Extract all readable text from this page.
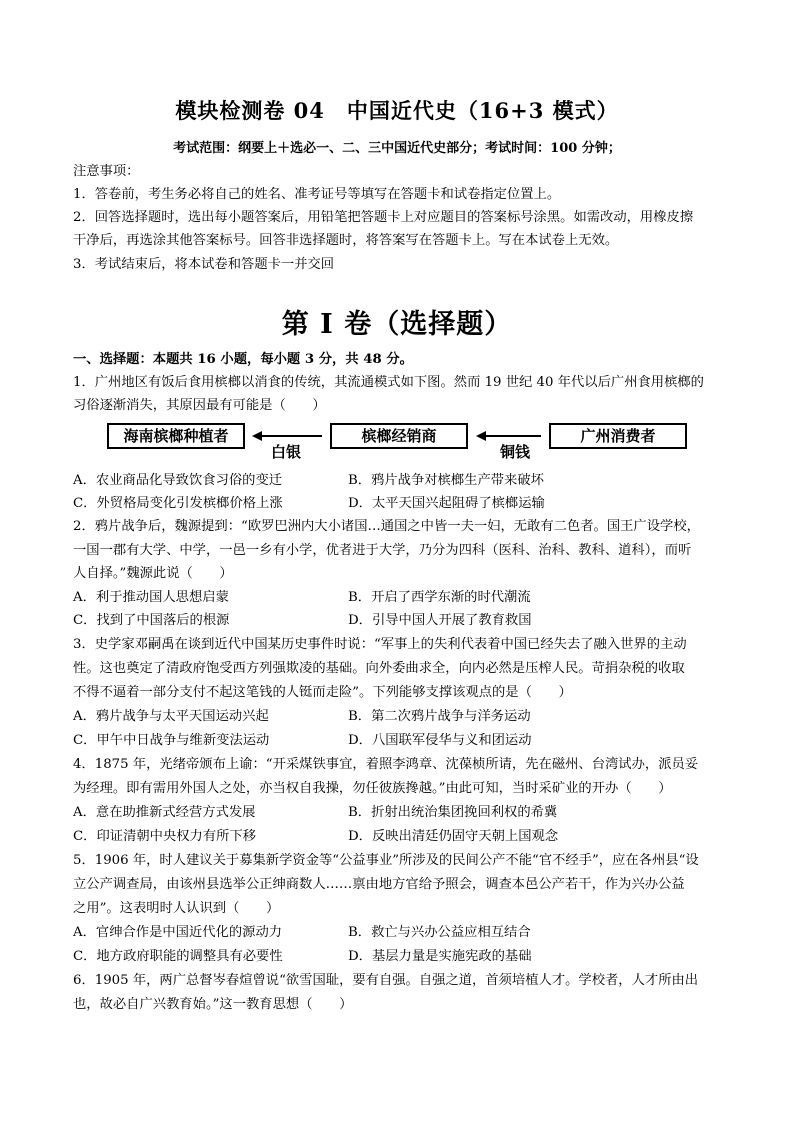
模块检测卷 04　中国近代史（16+3 模式）
考试范围：纲要上＋选必一、二、三中国近代史部分；考试时间：100 分钟；
注意事项：
1．答卷前，考生务必将自己的姓名、准考证号等填写在答题卡和试卷指定位置上。
2．回答选择题时，选出每小题答案后，用铅笔把答题卡上对应题目的答案标号涂黑。如需改动，用橡皮擦
干净后，再选涂其他答案标号。回答非选择题时，将答案写在答题卡上。写在本试卷上无效。
3．考试结束后，将本试卷和答题卡一并交回
第 I 卷（选择题）
一、选择题：本题共 16 小题，每小题 3 分，共 48 分。
1．广州地区有饭后食用槟榔以消食的传统，其流通模式如下图。然而 19 世纪 40 年代以后广州食用槟榔的
习俗逐渐消失，其原因最有可能是（　　）
海南槟榔种植者	槟榔经销商	广州消费者
白银	铜钱
A．农业商品化导致饮食习俗的变迁	B．鸦片战争对槟榔生产带来破坏
C．外贸格局变化引发槟榔价格上涨	D．太平天国兴起阻碍了槟榔运输
2．鸦片战争后，魏源提到：“欧罗巴洲内大小诸国…通国之中皆一夫一妇，无敢有二色者。国王广设学校，
一国一郡有大学、中学，一邑一乡有小学，优者进于大学，乃分为四科（医科、治科、教科、道科），而听
人自择。”魏源此说（　　）
A．利于推动国人思想启蒙	B．开启了西学东渐的时代潮流
C．找到了中国落后的根源	D．引导中国人开展了教育救国
3．史学家邓嗣禹在谈到近代中国某历史事件时说：“军事上的失利代表着中国已经失去了融入世界的主动
性。这也奠定了清政府饱受西方列强欺凌的基础。向外委曲求全，向内必然是压榨人民。苛捐杂税的收取
不得不逼着一部分支付不起这笔钱的人铤而走险”。下列能够支撑该观点的是（　　）
A．鸦片战争与太平天国运动兴起	B．第二次鸦片战争与洋务运动
C．甲午中日战争与维新变法运动	D．八国联军侵华与义和团运动
4．1875 年，光绪帝颁布上谕：“开采煤铁事宜，着照李鸿章、沈葆桢所请，先在磁州、台湾试办，派员妥
为经理。即有需用外国人之处，亦当权自我操，勿任彼族搀越。”由此可知，当时采矿业的开办（　　）
A．意在助推新式经营方式发展	B．折射出统治集团挽回利权的希冀
C．印证清朝中央权力有所下移	D．反映出清廷仍固守天朝上国观念
5．1906 年，时人建议关于募集新学资金等“公益事业”所涉及的民间公产不能“官不经手”，应在各州县“设
立公产调查局，由该州县选举公正绅商数人……禀由地方官给予照会，调查本邑公产若干，作为兴办公益
之用”。这表明时人认识到（　　）
A．官绅合作是中国近代化的源动力	B．救亡与兴办公益应相互结合
C．地方政府职能的调整具有必要性	D．基层力量是实施宪政的基础
6．1905 年，两广总督岑春煊曾说“欲雪国耻，要有自强。自强之道，首须培植人才。学校者，人才所由出
也，故必自广兴教育始。”这一教育思想（　　）
